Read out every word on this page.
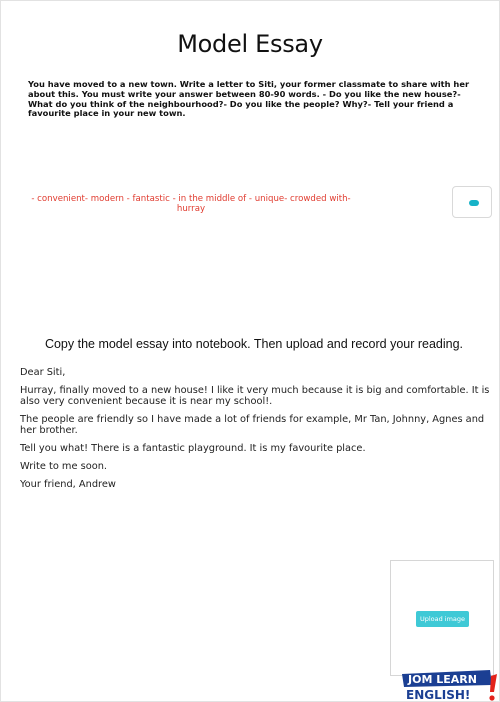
Model Essay
You have moved to a new town. Write a letter to Siti, your former classmate to share with her about this. You must write your answer between 80-90 words. - Do you like the new house?- What do you think of the neighbourhood?- Do you like the people? Why?- Tell your friend a favourite place in your new town.
- convenient- modern - fantastic - in the middle of - unique- crowded with- hurray
Copy the model essay into notebook. Then upload and record your reading.

Dear Siti,

Hurray, finally moved to a new house! I like it very much because it is big and comfortable. It is also very convenient because it is near my school!.

The people are friendly so I have made a lot of friends for example, Mr Tan, Johnny, Agnes and her brother.

Tell you what! There is a fantastic playground. It is my favourite place.

Write to me soon.

Your friend, Andrew

Upload image
JOM LEARN
ENGLISH!
